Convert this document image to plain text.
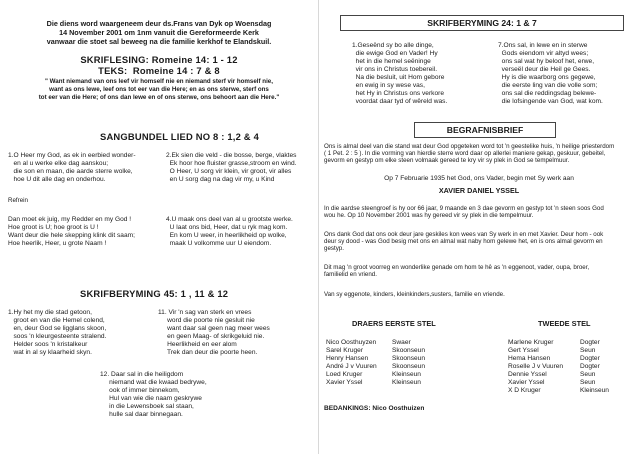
Die diens word waargeneem deur ds.Frans van Dyk op Woensdag

14 November 2001 om 1nm vanuit die Gereformeerde Kerk

vanwaar die stoet sal beweeg na die familie kerkhof te Elandskuil.

SKRIFLESING: Romeine 14: 1 - 12

TEKS:  Romeine 14 : 7 & 8

" Want niemand van ons leef vir homself nie en niemand sterf vir homself nie,

want as ons lewe, leef ons tot eer van die Here; en as ons sterwe, sterf ons

tot eer van die Here; of ons dan lewe en of ons sterwe, ons behoort aan die Here."

SANGBUNDEL LIED NO 8 : 1,2 & 4

1.O Heer my God, as ek in eerbied wonder-

en al u werke elke dag aanskou;

die son en maan, die aarde sterre wolke,

hoe U dit alle dag en onderhou.

2.Ek sien die veld - die bosse, berge, vlaktes

Ek hoor hoe fluister grasse,stroom en wind.

O Heer, U sorg vir klein, vir groot, vir alles

en U sorg dag na dag vir my, u Kind

Refrein

Dan moet ek juig, my Redder en my God !

Hoe groot is U; hoe groot is U !

Want deur die hele skepping klink dit saam;

Hoe heerlik, Heer, u grote Naam !

4.U maak ons deel van al u grootste werke.

U laat ons bid, Heer, dat u ryk mag kom.

En kom U weer, in heerlikheid op wolke,

maak U volkomme uur U eiendom.

SKRIFBERYMING 45: 1 , 11 & 12

1.Hy het my die stad getoon,

groot en van die Hemel colend,

en, deur God se ligglans skoon,

soos 'n kleurgesteente stralend.

Helder soos 'n kristalkeur

wat in al sy klaarheid skyn.

11. Vir 'n sag van sterk en vrees

word die poorte nie gesluit nie

want daar sal geen nag meer wees

en geen Maag- of skrikgeluid nie.

Heerlikheid en eer alom

Trek dan deur die poorte heen.

12. Daar sal in die heiligdom

niemand wat die kwaad bedrywe,

ook of immer binnekom,

Hul van wie die naam geskrywe

in die Lewensboek sal staan,

hulle sal daar binnegaan.

SKRIFBERYMING 24: 1 & 7

1.Geseënd sy bo alle dinge,

die ewige God en Vader! Hy

het in die hemel seëninge

vir ons in Christus toebereil.

Na die besluit, uit Hom gebore

en ewig in sy wese vas,

het Hy in Christus ons verkore

voordat daar tyd of wêreld was.

7.Ons sal, in lewe en in sterwe

Gods eiendom vir altyd wees;

ons sal wat hy beloof het, erwe,

verseël deur die Heil ge Gees.

Hy is die waarborg ons gegewe,

die eerste ling van die volle som;

ons sal die reddingsdag belewe-

die lofsingende van God, wat kom.

BEGRAFNISBRIEF

Ons is almal deel van die stand wat deur God opgeteken word tot 'n geestelike huis, 'n heilige priesterdom

( 1 Pet. 2 : 5 ). In die vorming van hierdie sterre word daar op allerlei maniere gekap, geskuur, gebeitel,

gevorm en gestyp om elke steen volmaak gereed te kry vir sy plek in God se tempelmuur.

Op 7 Februarie 1935 het God, ons Vader, begin met Sy werk aan

XAVIER DANIEL YSSEL

In die aardse steengroef is hy oor 66 jaar, 9 maande en 3 dae gevorm en gestyp tot 'n steen soos God

wou he. Op 10 November 2001 was hy gereed vir sy plek in die tempelmuur.

Ons dank God dat ons ook deur jare geskiles kon wees van Sy werk in en met Xavier. Deur hom - ook

deur sy dood - was God besig met ons en almal wat naby hom gelewe het, en is ons almal gevorm en

gestyp.

Dit mag 'n groot voorreg en wonderlike genade om hom te hê as 'n eggenoot, vader, oupa, broer,

familielid en vriend.

Van sy eggenote, kinders, kleinkinders,susters, familie en vriende.

DRAERS EERSTE STEL

Nico Oosthuyzen Swaer

Sarel Kruger	Skoonseun

Henry Hansen	Skoonseun

André J v Vuuren Skoonseun

Loed Kruger	Kleinseun

Xavier Yssel	Kleinseun

TWEEDE STEL

Marlene Kruger	Dogter

Gert Yssel	Seun

Hema Hansen	Dogter

Roselle J v Vuuren	Dogter

Dennie Yssel	Seun

Xavier Yssel	Seun

X D Kruger	Kleinseun

BEDANKINGS: Nico Oosthuizen
